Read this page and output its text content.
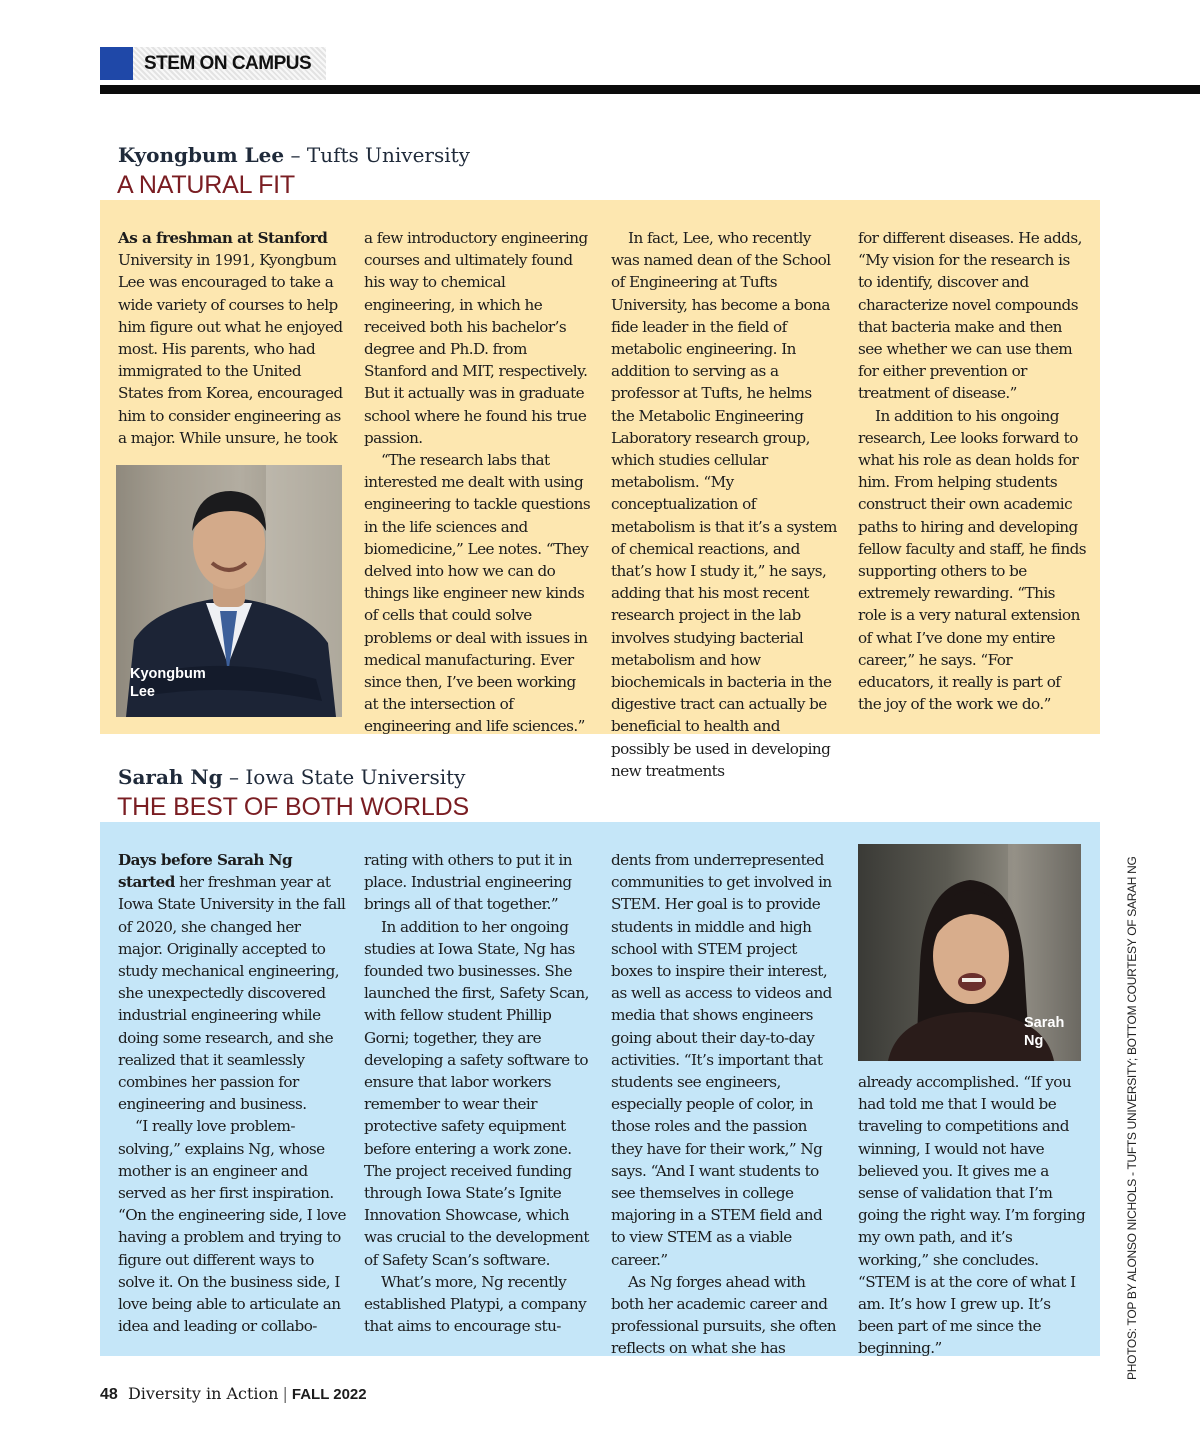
STEM ON CAMPUS
Kyongbum Lee – Tufts University
A NATURAL FIT

As a freshman at Stanford University in 1991, Kyongbum Lee was encouraged to take a wide variety of courses to help him figure out what he enjoyed most. His parents, who had immigrated to the United States from Korea, encouraged him to consider engineering as a major. While unsure, he took

Kyongbum
Lee

a few introductory engineering courses and ultimately found his way to chemical engineering, in which he received both his bachelor’s degree and Ph.D. from Stanford and MIT, respectively. But it actually was in graduate school where he found his true passion.

“The research labs that interested me dealt with using engineering to tackle questions in the life sciences and biomedicine,” Lee notes. “They delved into how we can do things like engineer new kinds of cells that could solve problems or deal with issues in medical manufacturing. Ever since then, I’ve been working at the intersection of engineering and life sciences.”

In fact, Lee, who recently was named dean of the School of Engineering at Tufts University, has become a bona fide leader in the field of metabolic engineering. In addition to serving as a professor at Tufts, he helms the Metabolic Engineering Laboratory research group, which studies cellular metabolism. “My conceptualization of metabolism is that it’s a system of chemical reactions, and that’s how I study it,” he says, adding that his most recent research project in the lab involves studying bacterial metabolism and how biochemicals in bacteria in the digestive tract can actually be beneficial to health and possibly be used in developing new treatments

for different diseases. He adds, “My vision for the research is to identify, discover and characterize novel compounds that bacteria make and then see whether we can use them for either prevention or treatment of disease.”

In addition to his ongoing research, Lee looks forward to what his role as dean holds for him. From helping students construct their own academic paths to hiring and developing fellow faculty and staff, he finds supporting others to be extremely rewarding. “This role is a very natural extension of what I’ve done my entire career,” he says. “For educators, it really is part of the joy of the work we do.”

Sarah Ng – Iowa State University
THE BEST OF BOTH WORLDS

Days before Sarah Ng started her freshman year at Iowa State University in the fall of 2020, she changed her major. Originally accepted to study mechanical engineering, she unexpectedly discovered industrial engineering while doing some research, and she realized that it seamlessly combines her passion for engineering and business.

“I really love problem-solving,” explains Ng, whose mother is an engineer and served as her first inspiration. “On the engineering side, I love having a problem and trying to figure out different ways to solve it. On the business side, I love being able to articulate an idea and leading or collabo-

rating with others to put it in place. Industrial engineering brings all of that together.”

In addition to her ongoing studies at Iowa State, Ng has founded two businesses. She launched the first, Safety Scan, with fellow student Phillip Gorni; together, they are developing a safety software to ensure that labor workers remember to wear their protective safety equipment before entering a work zone. The project received funding through Iowa State’s Ignite Innovation Showcase, which was crucial to the development of Safety Scan’s software.

What’s more, Ng recently established Platypi, a company that aims to encourage stu-

dents from underrepresented communities to get involved in STEM. Her goal is to provide students in middle and high school with STEM project boxes to inspire their interest, as well as access to videos and media that shows engineers going about their day-to-day activities. “It’s important that students see engineers, especially people of color, in those roles and the passion they have for their work,” Ng says. “And I want students to see themselves in college majoring in a STEM field and to view STEM as a viable career.”

As Ng forges ahead with both her academic career and professional pursuits, she often reflects on what she has

Sarah
Ng

already accomplished. “If you had told me that I would be traveling to competitions and winning, I would not have believed you. It gives me a sense of validation that I’m going the right way. I’m forging my own path, and it’s working,” she concludes. “STEM is at the core of what I am. It’s how I grew up. It’s been part of me since the beginning.”	PHOTOS: TOP BY ALONSO NICHOLS - TUFTS UNIVERSITY; BOTTOM COURTESY OF SARAH NG
48 Diversity in Action | FALL 2022
